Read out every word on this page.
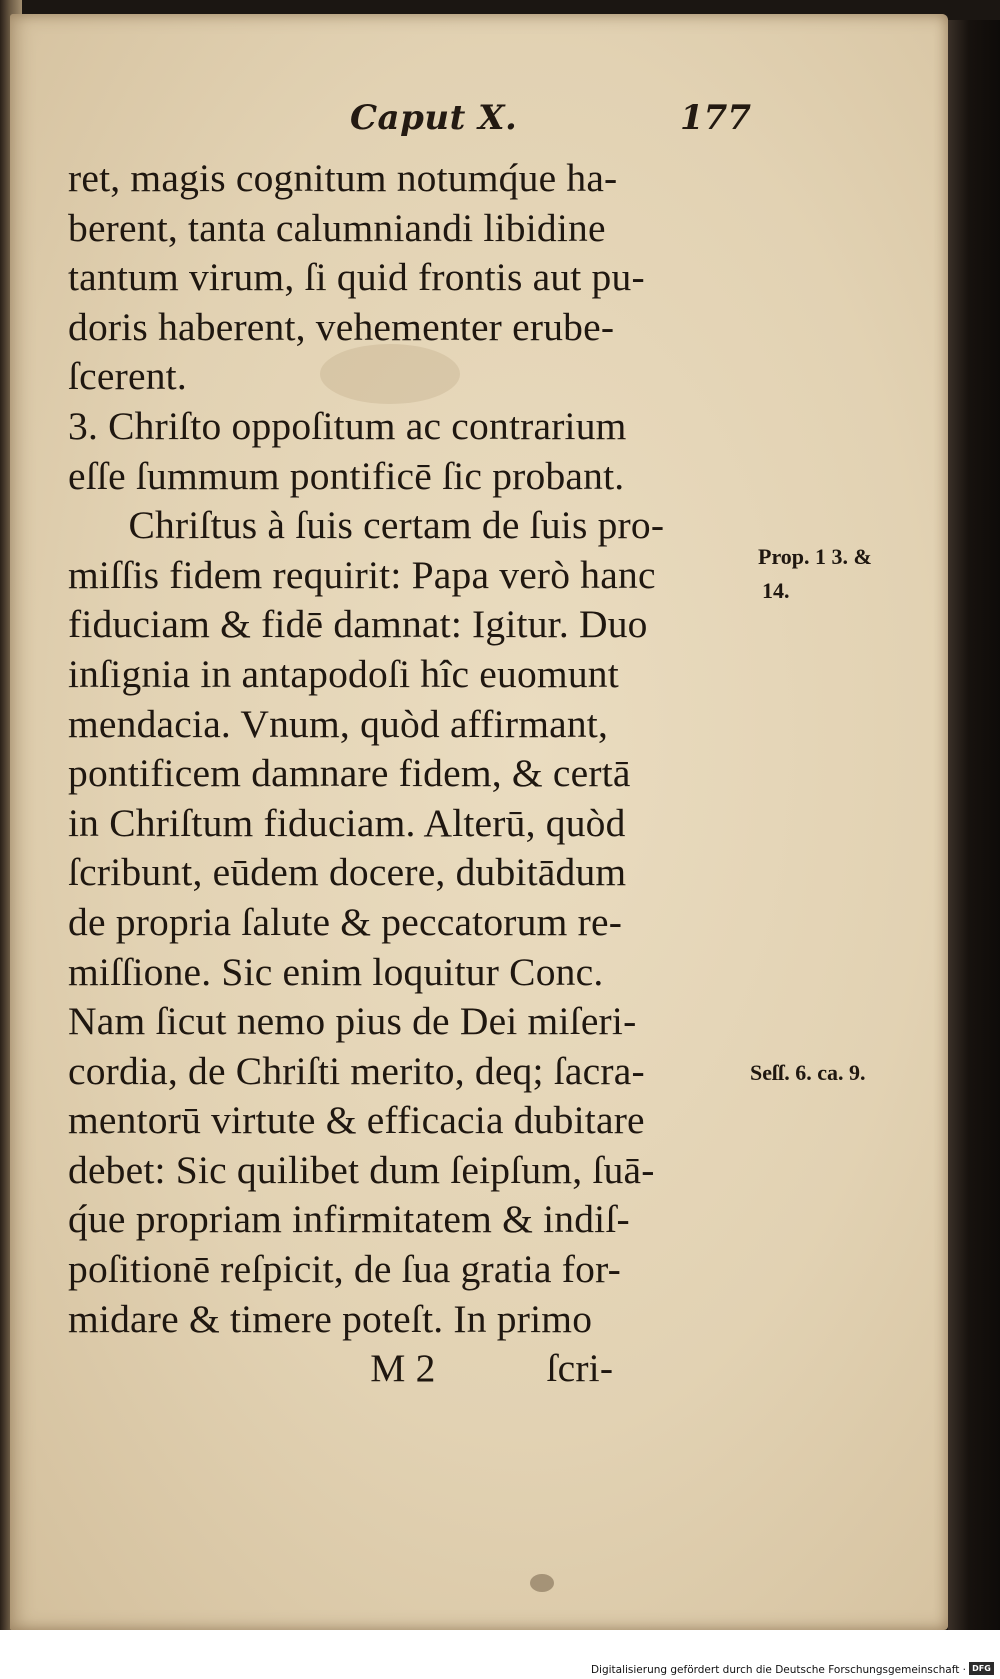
Caput X.	177
ret, magis cognitum notumq́ue ha-
berent, tanta calumniandi libidine
tantum virum, ſi quid frontis aut pu-
doris haberent, vehementer erube-
ſcerent.
3. Chriſto oppoſitum ac contrarium
eſſe ſummum pontificē ſic probant.
Chriſtus à ſuis certam de ſuis pro-
miſſis fidem requirit: Papa verò hanc
fiduciam & fidē damnat: Igitur. Duo
inſignia in antapodoſi hîc euomunt
mendacia. Vnum, quòd affirmant,
pontificem damnare fidem, & certā
in Chriſtum fiduciam. Alterū, quòd
ſcribunt, eūdem docere, dubitādum
de propria ſalute & peccatorum re-
miſſione. Sic enim loquitur Conc.
Nam ſicut nemo pius de Dei miſeri-
cordia, de Chriſti merito, deq; ſacra-
mentorū virtute & efficacia dubitare
debet: Sic quilibet dum ſeipſum, ſuā-
q́ue propriam infirmitatem & indiſ-
poſitionē reſpicit, de ſua gratia for-
midare & timere poteſt. In primo
M 2           ſcri-
Prop. 1 3. &
14.
Seſſ. 6. ca. 9.
Digitalisierung gefördert durch die Deutsche Forschungsgemeinschaft · DFG
